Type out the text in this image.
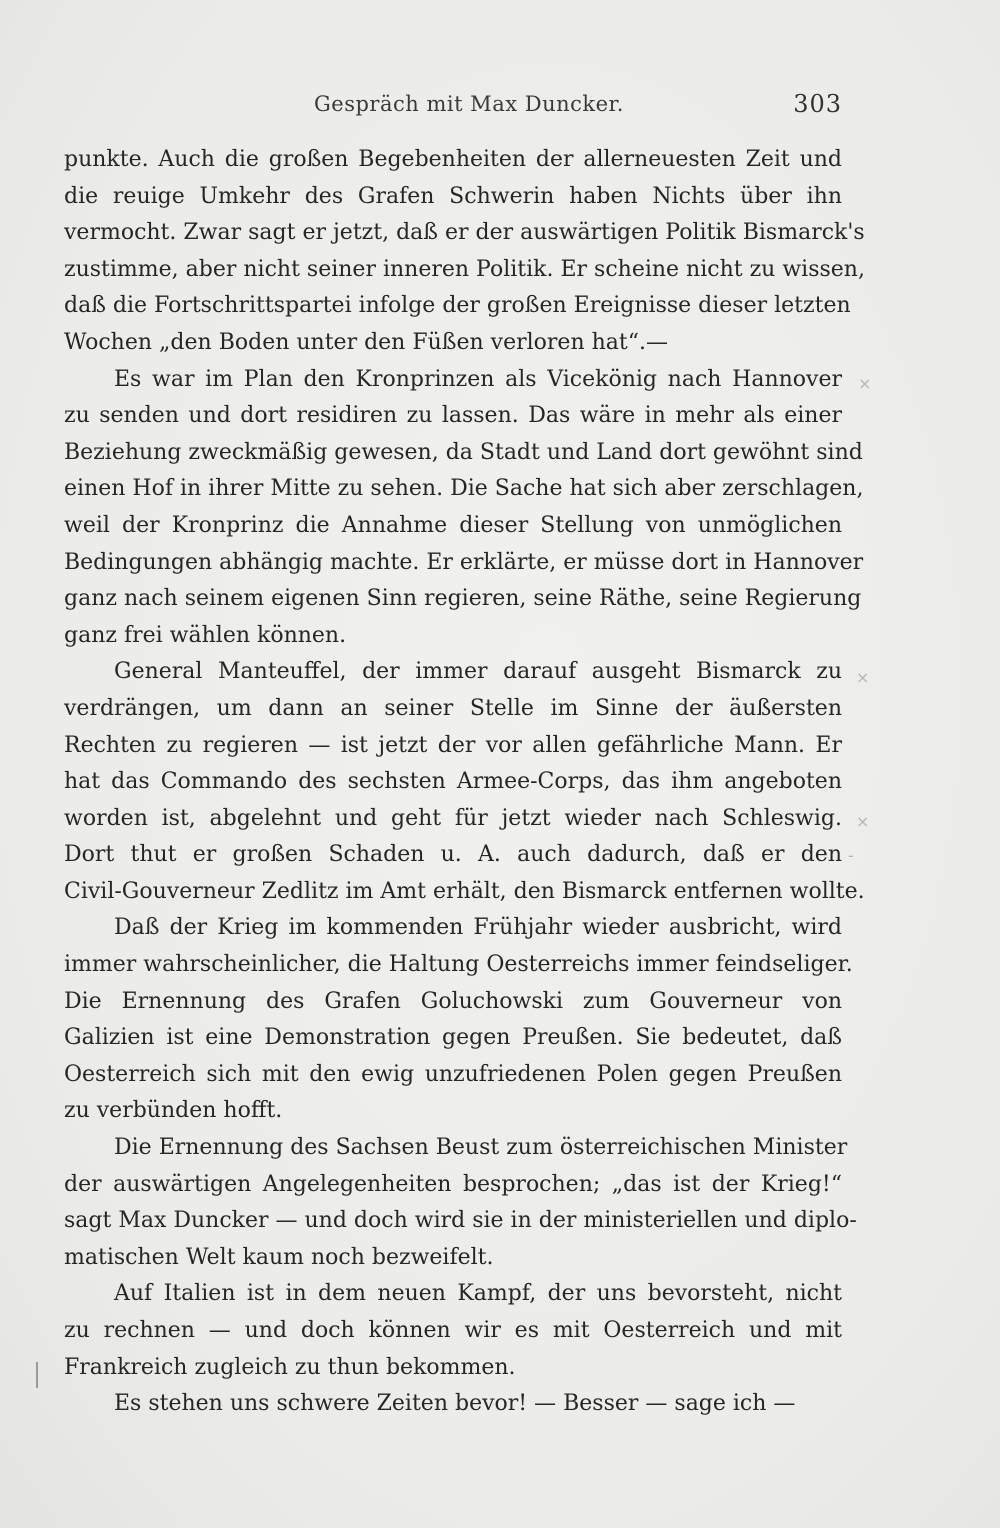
Gespräch mit Max Duncker.	303
punkte. Auch die großen Begebenheiten der allerneuesten Zeit und
die reuige Umkehr des Grafen Schwerin haben Nichts über ihn
vermocht. Zwar sagt er jetzt, daß er der auswärtigen Politik Bismarck's
zustimme, aber nicht seiner inneren Politik. Er scheine nicht zu wissen,
daß die Fortschrittspartei infolge der großen Ereignisse dieser letzten
Wochen „den Boden unter den Füßen verloren hat“.—
Es war im Plan den Kronprinzen als Vicekönig nach Hannover
zu senden und dort residiren zu lassen. Das wäre in mehr als einer
Beziehung zweckmäßig gewesen, da Stadt und Land dort gewöhnt sind
einen Hof in ihrer Mitte zu sehen. Die Sache hat sich aber zerschlagen,
weil der Kronprinz die Annahme dieser Stellung von unmöglichen
Bedingungen abhängig machte. Er erklärte, er müsse dort in Hannover
ganz nach seinem eigenen Sinn regieren, seine Räthe, seine Regierung
ganz frei wählen können.
General Manteuffel, der immer darauf ausgeht Bismarck zu
verdrängen, um dann an seiner Stelle im Sinne der äußersten
Rechten zu regieren — ist jetzt der vor allen gefährliche Mann. Er
hat das Commando des sechsten Armee-Corps, das ihm angeboten
worden ist, abgelehnt und geht für jetzt wieder nach Schleswig.
Dort thut er großen Schaden u. A. auch dadurch, daß er den
Civil-Gouverneur Zedlitz im Amt erhält, den Bismarck entfernen wollte.
Daß der Krieg im kommenden Frühjahr wieder ausbricht, wird
immer wahrscheinlicher, die Haltung Oesterreichs immer feindseliger.
Die Ernennung des Grafen Goluchowski zum Gouverneur von
Galizien ist eine Demonstration gegen Preußen. Sie bedeutet, daß
Oesterreich sich mit den ewig unzufriedenen Polen gegen Preußen
zu verbünden hofft.
Die Ernennung des Sachsen Beust zum österreichischen Minister
der auswärtigen Angelegenheiten besprochen; „das ist der Krieg!“
sagt Max Duncker — und doch wird sie in der ministeriellen und diplo-
matischen Welt kaum noch bezweifelt.
Auf Italien ist in dem neuen Kampf, der uns bevorsteht, nicht
zu rechnen — und doch können wir es mit Oesterreich und mit
Frankreich zugleich zu thun bekommen.
Es stehen uns schwere Zeiten bevor! — Besser — sage ich —
×
×
×
-
